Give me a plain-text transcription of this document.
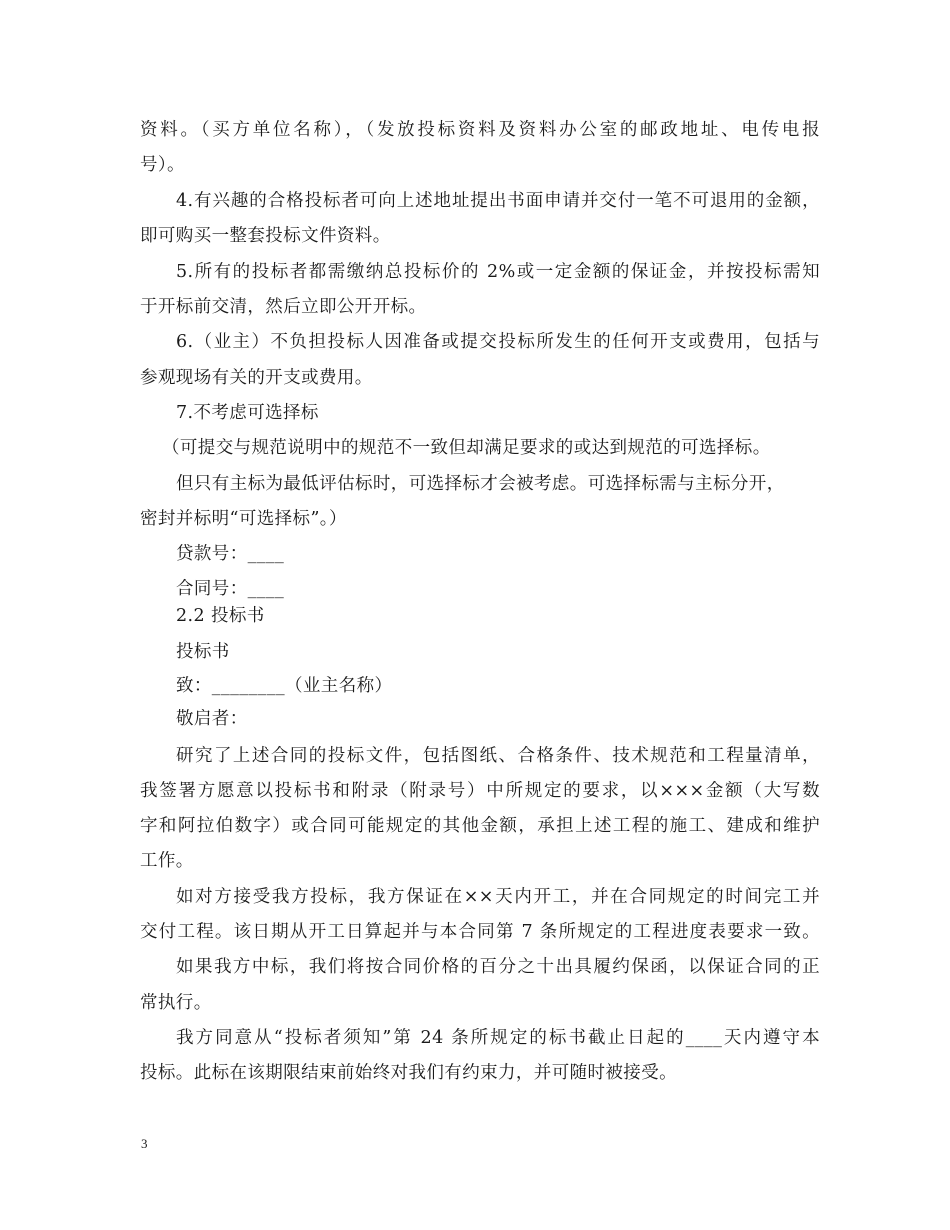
资料。（买方单位名称），（发放投标资料及资料办公室的邮政地址、电传电报
号）。
4.有兴趣的合格投标者可向上述地址提出书面申请并交付一笔不可退用的金额，
即可购买一整套投标文件资料。
5.所有的投标者都需缴纳总投标价的 2%或一定金额的保证金，并按投标需知
于开标前交清，然后立即公开开标。
6.（业主）不负担投标人因准备或提交投标所发生的任何开支或费用，包括与
参观现场有关的开支或费用。
7.不考虑可选择标
（可提交与规范说明中的规范不一致但却满足要求的或达到规范的可选择标。
但只有主标为最低评估标时，可选择标才会被考虑。可选择标需与主标分开，
密封并标明“可选择标”。）
贷款号：____
合同号：____
2.2 投标书
投标书
致：________（业主名称）
敬启者：
研究了上述合同的投标文件，包括图纸、合格条件、技术规范和工程量清单，
我签署方愿意以投标书和附录（附录号）中所规定的要求，以×××金额（大写数
字和阿拉伯数字）或合同可能规定的其他金额，承担上述工程的施工、建成和维护
工作。
如对方接受我方投标，我方保证在××天内开工，并在合同规定的时间完工并
交付工程。该日期从开工日算起并与本合同第 7 条所规定的工程进度表要求一致。
如果我方中标，我们将按合同价格的百分之十出具履约保函，以保证合同的正
常执行。
我方同意从“投标者须知”第 24 条所规定的标书截止日起的____天内遵守本
投标。此标在该期限结束前始终对我们有约束力，并可随时被接受。
3
